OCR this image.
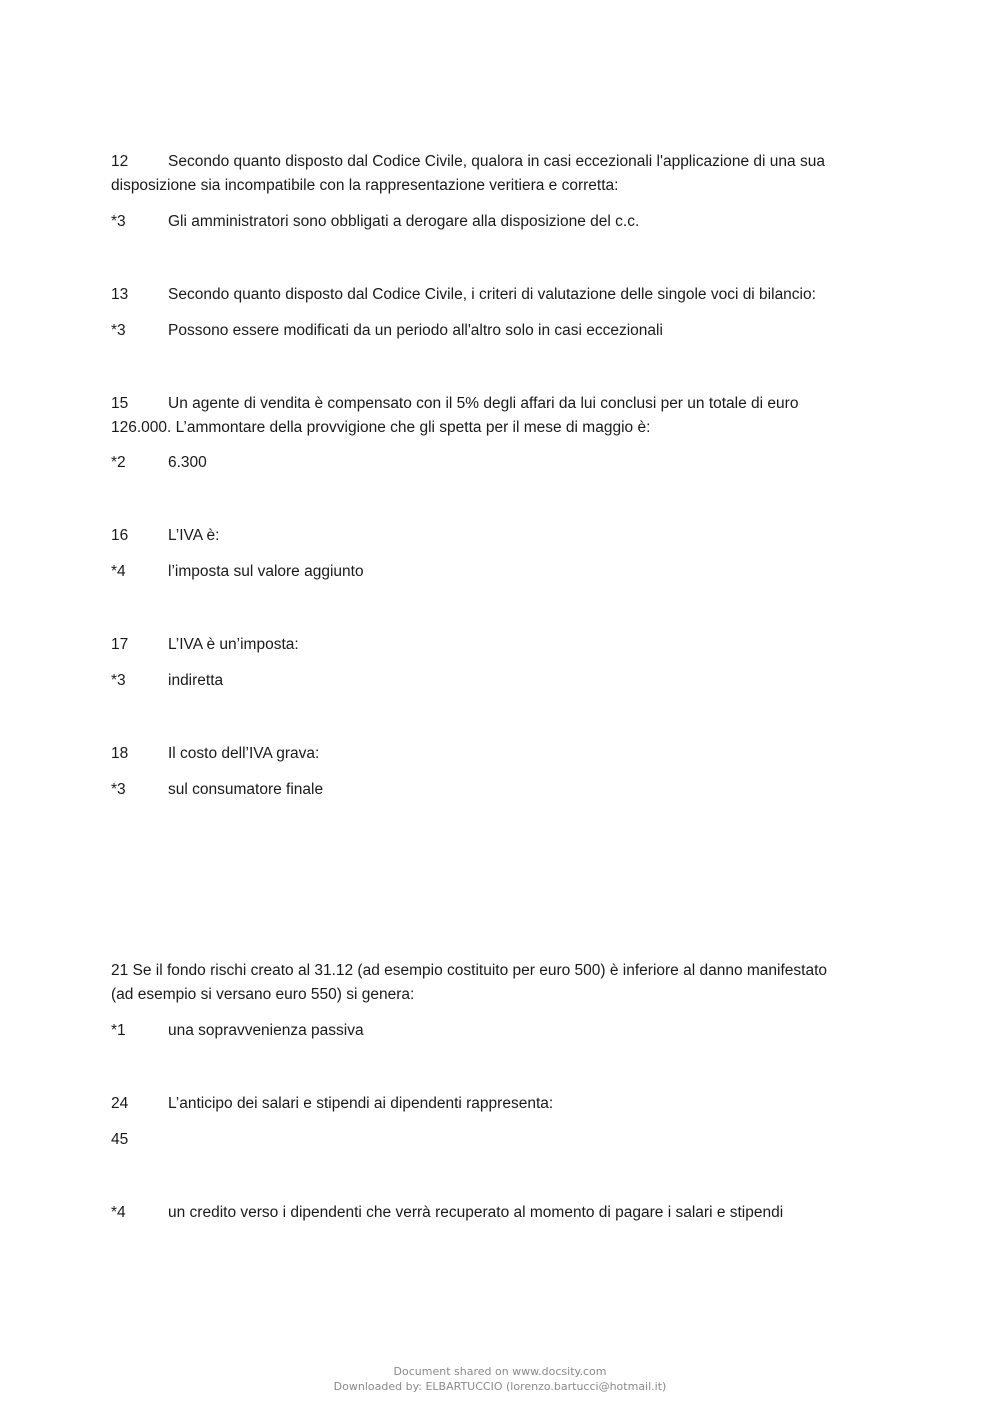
12	Secondo quanto disposto dal Codice Civile, qualora in casi eccezionali l'applicazione di una sua
disposizione sia incompatibile con la rappresentazione veritiera e corretta:
*3	Gli amministratori sono obbligati a derogare alla disposizione del c.c.
13	Secondo quanto disposto dal Codice Civile, i criteri di valutazione delle singole voci di bilancio:
*3	Possono essere modificati da un periodo all'altro solo in casi eccezionali
15	Un agente di vendita è compensato con il 5% degli affari da lui conclusi per un totale di euro
126.000. L’ammontare della provvigione che gli spetta per il mese di maggio è:
*2	6.300
16	L’IVA è:
*4	l’imposta sul valore aggiunto
17	L’IVA è un’imposta:
*3	indiretta
18	Il costo dell’IVA grava:
*3	sul consumatore finale
21 Se il fondo rischi creato al 31.12 (ad esempio costituito per euro 500) è inferiore al danno manifestato
(ad esempio si versano euro 550) si genera:
*1	una sopravvenienza passiva
24	L’anticipo dei salari e stipendi ai dipendenti rappresenta:
45
*4	un credito verso i dipendenti che verrà recuperato al momento di pagare i salari e stipendi
Document shared on www.docsity.com
Downloaded by: ELBARTUCCIO (lorenzo.bartucci@hotmail.it)
